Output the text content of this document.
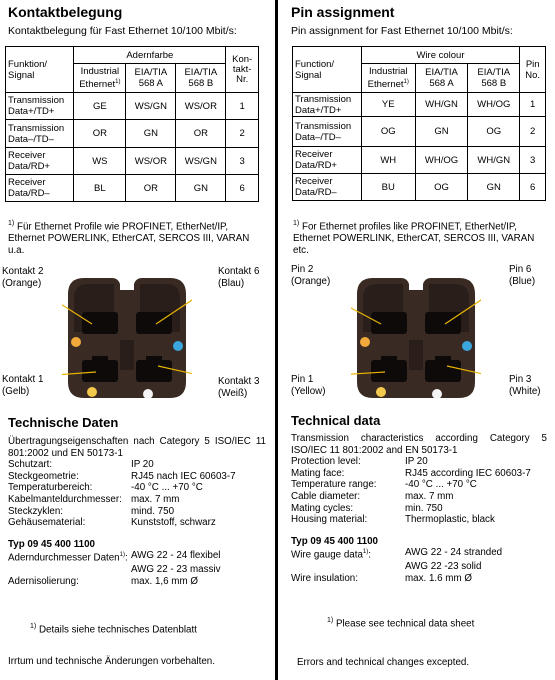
Kontaktbelegung
Kontaktbelegung für Fast Ethernet 10/100 Mbit/s:
Funktion/
Signal	Adernfarbe			Kon-
takt-
Nr.
	Industrial
Ethernet$^{1)}$	EIA/TIA
568 A	EIA/TIA
568 B	
Transmission
Data+/TD+	GE	WS/GN	WS/OR	1
Transmission
Data–/TD–	OR	GN	OR	2
Receiver
Data/RD+	WS	WS/OR	WS/GN	3
Receiver
Data/RD–	BL	OR	GN	6
$^{1)}$ Für Ethernet Profile wie PROFINET, EtherNet/IP, Ethernet POWERLINK, EtherCAT, SERCOS III, VARAN u.a.
Kontakt 2
(Orange)
Kontakt 6
(Blau)
Kontakt 1
(Gelb)
Kontakt 3
(Weiß)
Technische Daten
Übertragungseigenschaften nach Category 5 ISO/IEC 11 801:2002 und EN 50173-1
Schutzart:	IP 20
Steckgeometrie:	RJ45 nach IEC 60603-7
Temperaturbereich:	-40 °C ... +70 °C
Kabelmanteldurchmesser: max. 7 mm
Steckzyklen:	mind. 750
Gehäusematerial:	Kunststoff, schwarz
Typ 09 45 400 1100
Aderndurchmesser Daten$^{1)}$: AWG 22 - 24 flexibel
AWG 22 - 23 massiv
Adernisolierung:	max. 1,6 mm Ø
$^{1)}$ Details siehe technisches Datenblatt
Irrtum und technische Änderungen vorbehalten.
Pin assignment
Pin assignment for Fast Ethernet 10/100 Mbit/s:
Function/
Signal	Wire colour			Pin
No.
	Industrial
Ethernet$^{1)}$	EIA/TIA
568 A	EIA/TIA
568 B	
Transmission
Data+/TD+	YE	WH/GN	WH/OG	1
Transmission
Data–/TD–	OG	GN	OG	2
Receiver
Data/RD+	WH	WH/OG	WH/GN	3
Receiver
Data/RD–	BU	OG	GN	6
$^{1)}$ For Ethernet profiles like PROFINET, EtherNet/IP, Ethernet POWERLINK, EtherCAT, SERCOS III, VARAN etc.
Pin 2
(Orange)
Pin 6
(Blue)
Pin 1
(Yellow)
Pin 3
(White)
Technical data
Transmission characteristics according Category 5 ISO/IEC 11 801:2002 and EN 50173-1
Protection level:	IP 20
Mating face:	RJ45 according IEC 60603-7
Temperature range:	-40 °C ... +70 °C
Cable diameter:	max. 7 mm
Mating cycles:	min. 750
Housing material:	Thermoplastic, black
Typ 09 45 400 1100
Wire gauge data$^{1)}$:	AWG 22 - 24 stranded
AWG 22 -23 solid
Wire insulation:	max. 1.6 mm Ø
$^{1)}$ Please see technical data sheet
Errors and technical changes excepted.
